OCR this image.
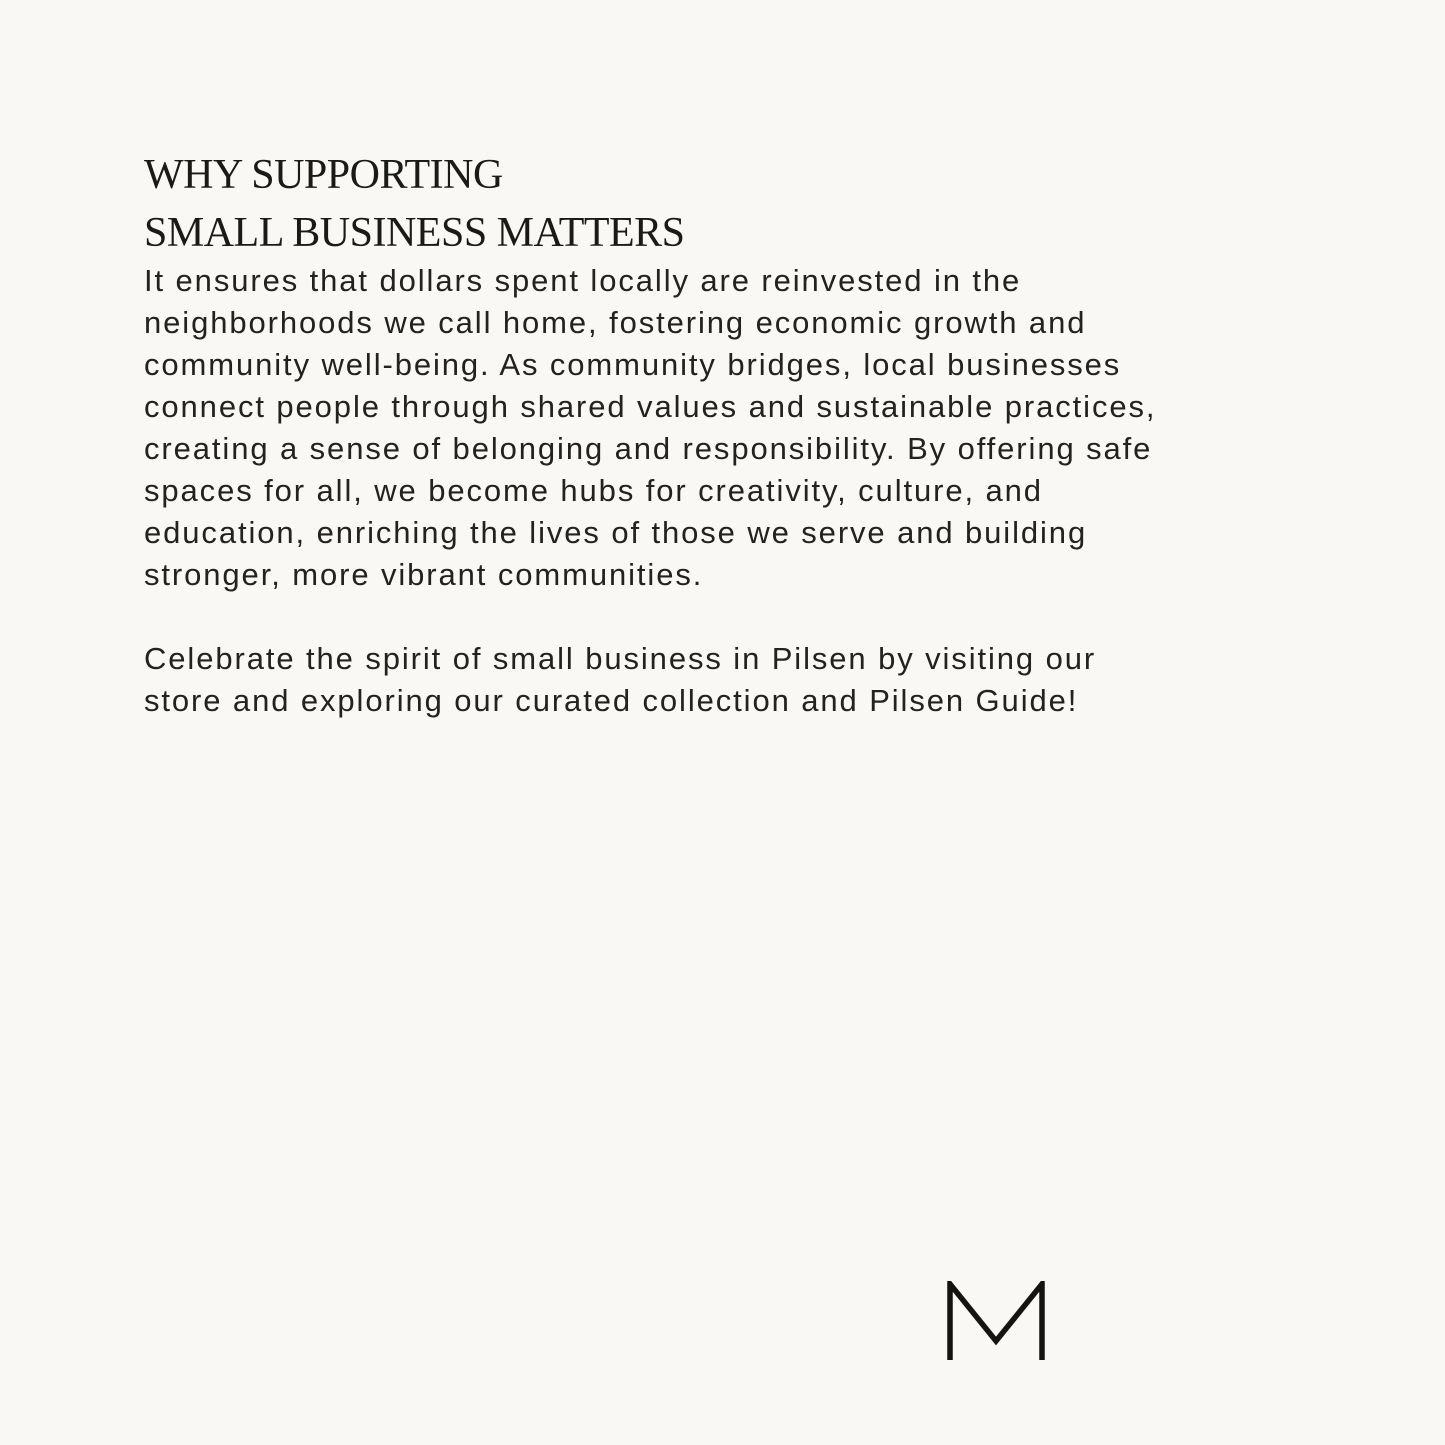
WHY SUPPORTING
SMALL BUSINESS MATTERS
It ensures that dollars spent locally are reinvested in the
neighborhoods we call home, fostering economic growth and
community well-being. As community bridges, local businesses
connect people through shared values and sustainable practices,
creating a sense of belonging and responsibility. By offering safe
spaces for all, we become hubs for creativity, culture, and
education, enriching the lives of those we serve and building
stronger, more vibrant communities.
Celebrate the spirit of small business in Pilsen by visiting our
store and exploring our curated collection and Pilsen Guide!
